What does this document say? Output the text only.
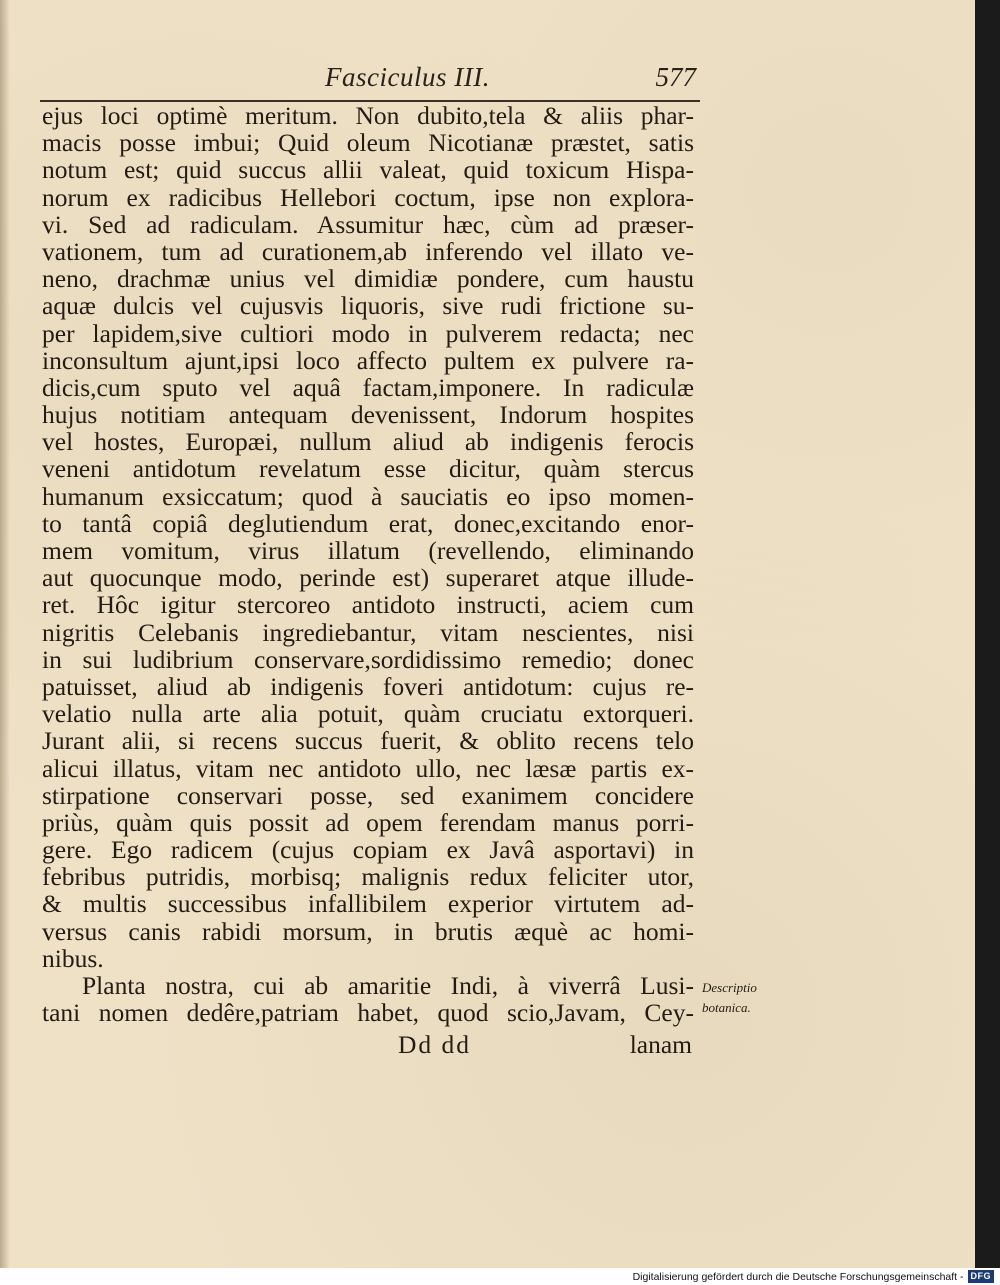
Fasciculus III.	577
ejus loci optimè meritum. Non dubito,tela & aliis phar-
macis posse imbui; Quid oleum Nicotianæ præstet, satis
notum est; quid succus allii valeat, quid toxicum Hispa-
norum ex radicibus Hellebori coctum, ipse non explora-
vi. Sed ad radiculam. Assumitur hæc, cùm ad præser-
vationem, tum ad curationem,ab inferendo vel illato ve-
neno, drachmæ unius vel dimidiæ pondere, cum haustu
aquæ dulcis vel cujusvis liquoris, sive rudi frictione su-
per lapidem,sive cultiori modo in pulverem redacta; nec
inconsultum ajunt,ipsi loco affecto pultem ex pulvere ra-
dicis,cum sputo vel aquâ factam,imponere. In radiculæ
hujus notitiam antequam devenissent, Indorum hospites
vel hostes, Europæi, nullum aliud ab indigenis ferocis
veneni antidotum revelatum esse dicitur, quàm stercus
humanum exsiccatum; quod à sauciatis eo ipso momen-
to tantâ copiâ deglutiendum erat, donec,excitando enor-
mem vomitum, virus illatum (revellendo, eliminando
aut quocunque modo, perinde est) superaret atque illude-
ret. Hôc igitur stercoreo antidoto instructi, aciem cum
nigritis Celebanis ingrediebantur, vitam nescientes, nisi
in sui ludibrium conservare,sordidissimo remedio; donec
patuisset, aliud ab indigenis foveri antidotum: cujus re-
velatio nulla arte alia potuit, quàm cruciatu extorqueri.
Jurant alii, si recens succus fuerit, & oblito recens telo
alicui illatus, vitam nec antidoto ullo, nec læsæ partis ex-
stirpatione conservari posse, sed exanimem concidere
priùs, quàm quis possit ad opem ferendam manus porri-
gere. Ego radicem (cujus copiam ex Javâ asportavi) in
febribus putridis, morbisq; malignis redux feliciter utor,
& multis successibus infallibilem experior virtutem ad-
versus canis rabidi morsum, in brutis æquè ac homi-
nibus.
Planta nostra, cui ab amaritie Indi, à viverrâ Lusi-
tani nomen dedêre,patriam habet, quod scio,Javam, Cey-
Descriptio
botanica.
Dd dd	lanam
Digitalisierung gefördert durch die Deutsche Forschungsgemeinschaft - DFG
